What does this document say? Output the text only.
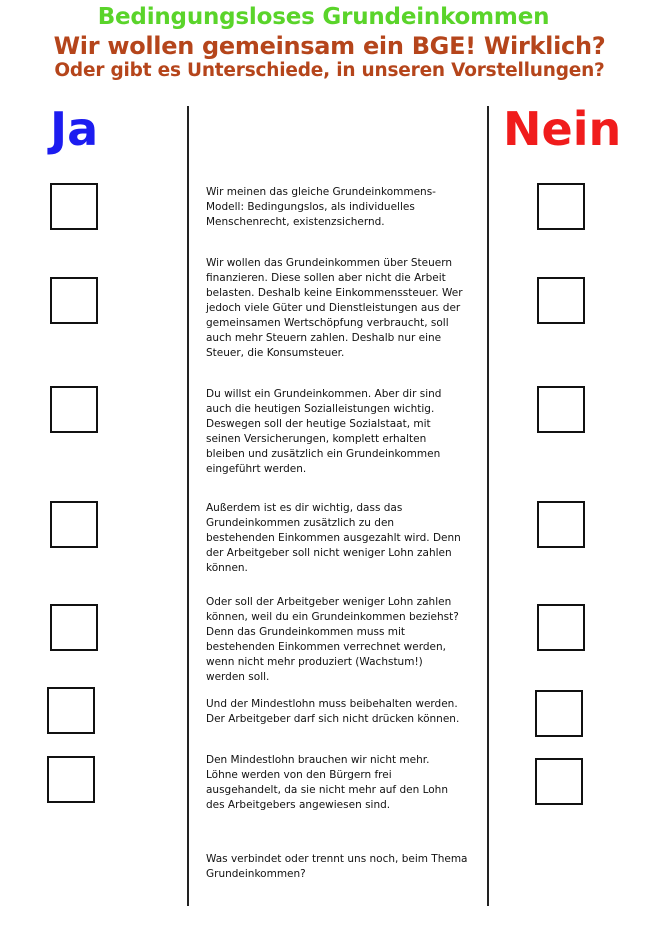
Bedingungsloses Grundeinkommen
Wir wollen gemeinsam ein BGE! Wirklich?
Oder gibt es Unterschiede, in unseren Vorstellungen?
Ja	Nein

Wir meinen das gleiche Grundeinkommens-
Modell: Bedingungslos, als individuelles
Menschenrecht, existenzsichernd.

Wir wollen das Grundeinkommen über Steuern
finanzieren. Diese sollen aber nicht die Arbeit
belasten. Deshalb keine Einkommenssteuer. Wer
jedoch viele Güter und Dienstleistungen aus der
gemeinsamen Wertschöpfung verbraucht, soll
auch mehr Steuern zahlen. Deshalb nur eine
Steuer, die Konsumsteuer.

Du willst ein Grundeinkommen. Aber dir sind
auch die heutigen Sozialleistungen wichtig.
Deswegen soll der heutige Sozialstaat, mit
seinen Versicherungen, komplett erhalten
bleiben und zusätzlich ein Grundeinkommen
eingeführt werden.

Außerdem ist es dir wichtig, dass das
Grundeinkommen zusätzlich zu den
bestehenden Einkommen ausgezahlt wird. Denn
der Arbeitgeber soll nicht weniger Lohn zahlen
können.

Oder soll der Arbeitgeber weniger Lohn zahlen
können, weil du ein Grundeinkommen beziehst?
Denn das Grundeinkommen muss mit
bestehenden Einkommen verrechnet werden,
wenn nicht mehr produziert (Wachstum!)
werden soll.

Und der Mindestlohn muss beibehalten werden.
Der Arbeitgeber darf sich nicht drücken können.

Den Mindestlohn brauchen wir nicht mehr.
Löhne werden von den Bürgern frei
ausgehandelt, da sie nicht mehr auf den Lohn
des Arbeitgebers angewiesen sind.

Was verbindet oder trennt uns noch, beim Thema
Grundeinkommen?
